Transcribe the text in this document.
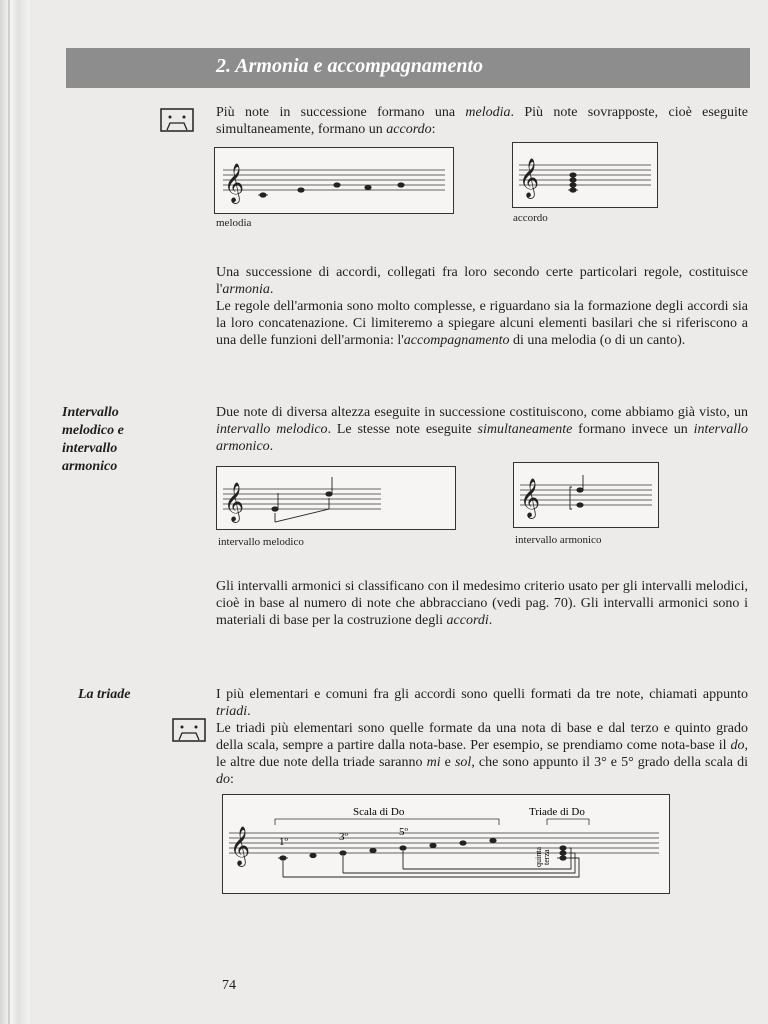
2. Armonia e accompagnamento

Più note in successione formano una melodia. Più note sovrapposte, cioè eseguite simultaneamente, formano un accordo:

𝄞
melodia
𝄞
accordo

Una successione di accordi, collegati fra loro secondo certe particolari regole, costituisce l'armonia.
Le regole dell'armonia sono molto complesse, e riguardano sia la formazione degli accordi sia la loro concatenazione. Ci limiteremo a spiegare alcuni elementi basilari che si riferiscono a una delle funzioni dell'armonia: l'accompagnamento di una melodia (o di un canto).

Intervallo melodico e intervallo armonico

Due note di diversa altezza eseguite in successione costituiscono, come abbiamo già visto, un intervallo melodico. Le stesse note eseguite simultaneamente formano invece un intervallo armonico.

𝄞
intervallo melodico
𝄞
intervallo armonico

Gli intervalli armonici si classificano con il medesimo criterio usato per gli intervalli melodici, cioè in base al numero di note che abbracciano (vedi pag. 70). Gli intervalli armonici sono i materiali di base per la costruzione degli accordi.

La triade	I più elementari e comuni fra gli accordi sono quelli formati da tre note, chiamati appunto triadi.

Le triadi più elementari sono quelle formate da una nota di base e dal terzo e quinto grado della scala, sempre a partire dalla nota-base. Per esempio, se prendiamo come nota-base il do, le altre due note della triade saranno mi e sol, che sono appunto il 3° e 5° grado della scala di do:

Scala di Do	Triade di Do
𝄞	1º	3º	5º
quinta terza
74
